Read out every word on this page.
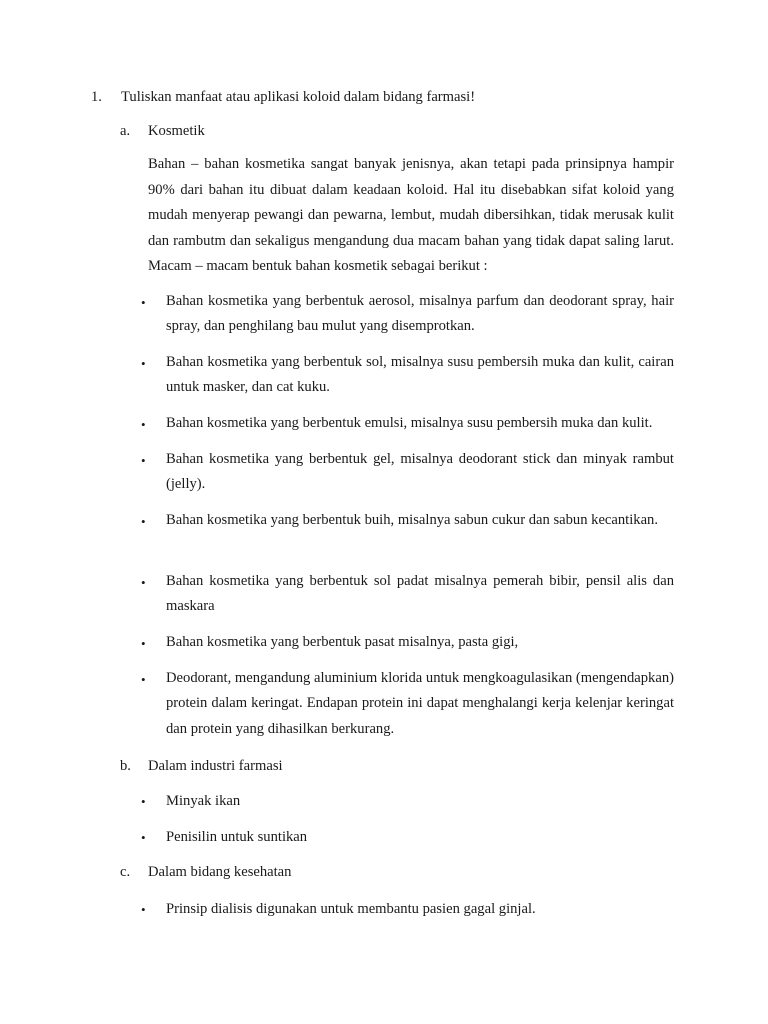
1. Tuliskan manfaat atau aplikasi koloid dalam bidang farmasi!
a. Kosmetik
Bahan – bahan kosmetika sangat banyak jenisnya, akan tetapi pada prinsipnya hampir 90% dari bahan itu dibuat dalam keadaan koloid. Hal itu disebabkan sifat koloid yang mudah menyerap pewangi dan pewarna, lembut, mudah dibersihkan, tidak merusak kulit dan rambutm dan sekaligus mengandung dua macam bahan yang tidak dapat saling larut. Macam – macam bentuk bahan kosmetik sebagai berikut :
• Bahan kosmetika yang berbentuk aerosol, misalnya parfum dan deodorant spray, hair spray, dan penghilang bau mulut yang disemprotkan.
• Bahan kosmetika yang berbentuk sol, misalnya susu pembersih muka dan kulit, cairan untuk masker, dan cat kuku.
• Bahan kosmetika yang berbentuk emulsi, misalnya susu pembersih muka dan kulit.
• Bahan kosmetika yang berbentuk gel, misalnya deodorant stick dan minyak rambut (jelly).
• Bahan kosmetika yang berbentuk buih, misalnya sabun cukur dan sabun kecantikan.
• Bahan kosmetika yang berbentuk sol padat misalnya pemerah bibir, pensil alis dan maskara
• Bahan kosmetika yang berbentuk pasat misalnya, pasta gigi,
• Deodorant, mengandung aluminium klorida untuk mengkoagulasikan (mengendapkan) protein dalam keringat. Endapan protein ini dapat menghalangi kerja kelenjar keringat dan protein yang dihasilkan berkurang.
b. Dalam industri farmasi
• Minyak ikan
• Penisilin untuk suntikan
c. Dalam bidang kesehatan
• Prinsip dialisis digunakan untuk membantu pasien gagal ginjal.
